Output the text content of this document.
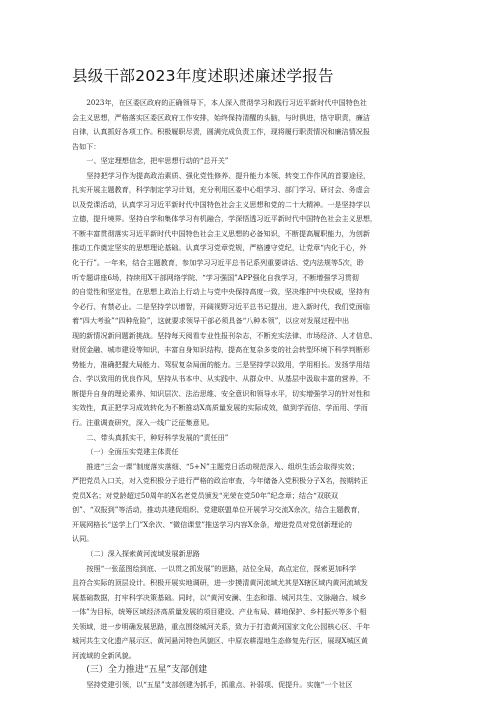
县级干部2023年度述职述廉述学报告
2023年，在区委区政府的正确领导下，本人深入贯彻学习和践行习近平新时代中国特色社
会主义思想，严格落实区委区政府工作安排，始终保持清醒的头脑，与时俱进，恪守职责，廉洁
自律，认真抓好各项工作。积极履职尽责，圆满完成负责工作，现将履行职责情况和廉洁情况报
告如下：
一、坚定理想信念，把牢思想行动的“总开关”
坚持把学习作为提高政治素质、强化党性修养、提升能力本领、转变工作作风的首要途径，
扎实开展主题教育，科学制定学习计划，充分利用区委中心组学习、部门学习、研讨会、务虚会
以及党课活动，认真学习习近平新时代中国特色社会主义思想和党的二十大精神。一是坚持学以
立德，提升境界。坚持自学和集体学习有机融合，学深悟透习近平新时代中国特色社会主义思想，
不断丰富贯彻落实习近平新时代中国特色社会主义思想的必备知识，不断提高履职能力，为创新
推动工作奠定坚实的思想理论基础。认真学习党章党规，严格遵守党纪，让党章“内化于心，外
化于行”。一年来，结合主题教育，参加学习习近平总书记系列重要讲话、党内法规等5次，聆
听专题讲座6场，持续用X干部网络学院、“学习强国”APP强化自我学习，不断增强学习贯彻
的自觉性和坚定性，在思想上政治上行动上与党中央保持高度一致，坚决维护中央权威，坚持有
令必行、有禁必止。二是坚持学以增智，开阔视野习近平总书记提出，进入新时代，我们党面临
着“四大考验”“四种危险”，这就要求领导干部必须具备“八种本领”，以应对发展过程中出
现的新情况新问题新挑战。坚持每天阅看专业性报刊杂志，不断充实法律、市场经济、人才信息、
财贸金融、城市建设等知识，丰富自身知识结构，提高在复杂多变的社会转型环境下科学判断形
势能力，准确把握大局能力、驾驭复杂局面的能力。三是坚持学以致用，学用相长。发扬学用结
合、学以致用的优良作风，坚持从书本中、从实践中、从群众中、从基层中汲取丰富的营养，不
断提升自身的理论素养、知识层次、法治思维、安全意识和领导水平，切实增强学习的针对性和
实效性，真正把学习成效转化为不断推动X高质量发展的实际成效，做到学而信、学而用、学而
行。注重调查研究，深入一线广泛征集意见。
二、带头真抓实干，种好科学发展的“责任田”
（一）全面压实党建主体责任
推进“三会一课”制度落实落细、“5+N”主题党日活动规范深入、组织生活会取得实效；
严把党员入口关，对入党积极分子进行严格的政治审查，今年储备入党积极分子X名，按期转正
党员X名；对党龄超过50周年的X名老党员颁发“光荣在党50年”纪念章；结合“双联双
创”、“双报到”等活动，推动共建促组织、党建联盟单位开展学习交流X余次，结合主题教育，
开展网格长“送学上门”X余次、“微信课堂”推送学习内容X余条，增进党员对党创新理论的
认同。
（二）深入探索黄河流域发展新思路
按照“一张蓝图绘到底、一以贯之抓发展”的思路，站位全局，高点定位，探索更加科学
且符合实际的顶层设计。积极开展实地调研，进一步摸清黄河流域尤其是X辖区域内黄河流域发
展基础数据，打牢科学决策基础。同时，以“黄河安澜、生态和谐、城河共生、文脉融合、城乡
一体”为目标，统筹区域经济高质量发展的项目建设、产业布局、耕地保护、乡村振兴等多个相
关领域，进一步明确发展思路，重点围绕城河关系，致力于打造黄河国家文化公园核心区、千年
城河共生文化遗产展示区、黄河悬河特色风貌区、中原农耕湿地生态修复先行区，展现X城区黄
河流域的全新风貌。
(三）全力推进“五星”支部创建
坚持党建引领，以“五星”支部创建为抓手，抓重点、补弱项、促提升。实施“一个社区
